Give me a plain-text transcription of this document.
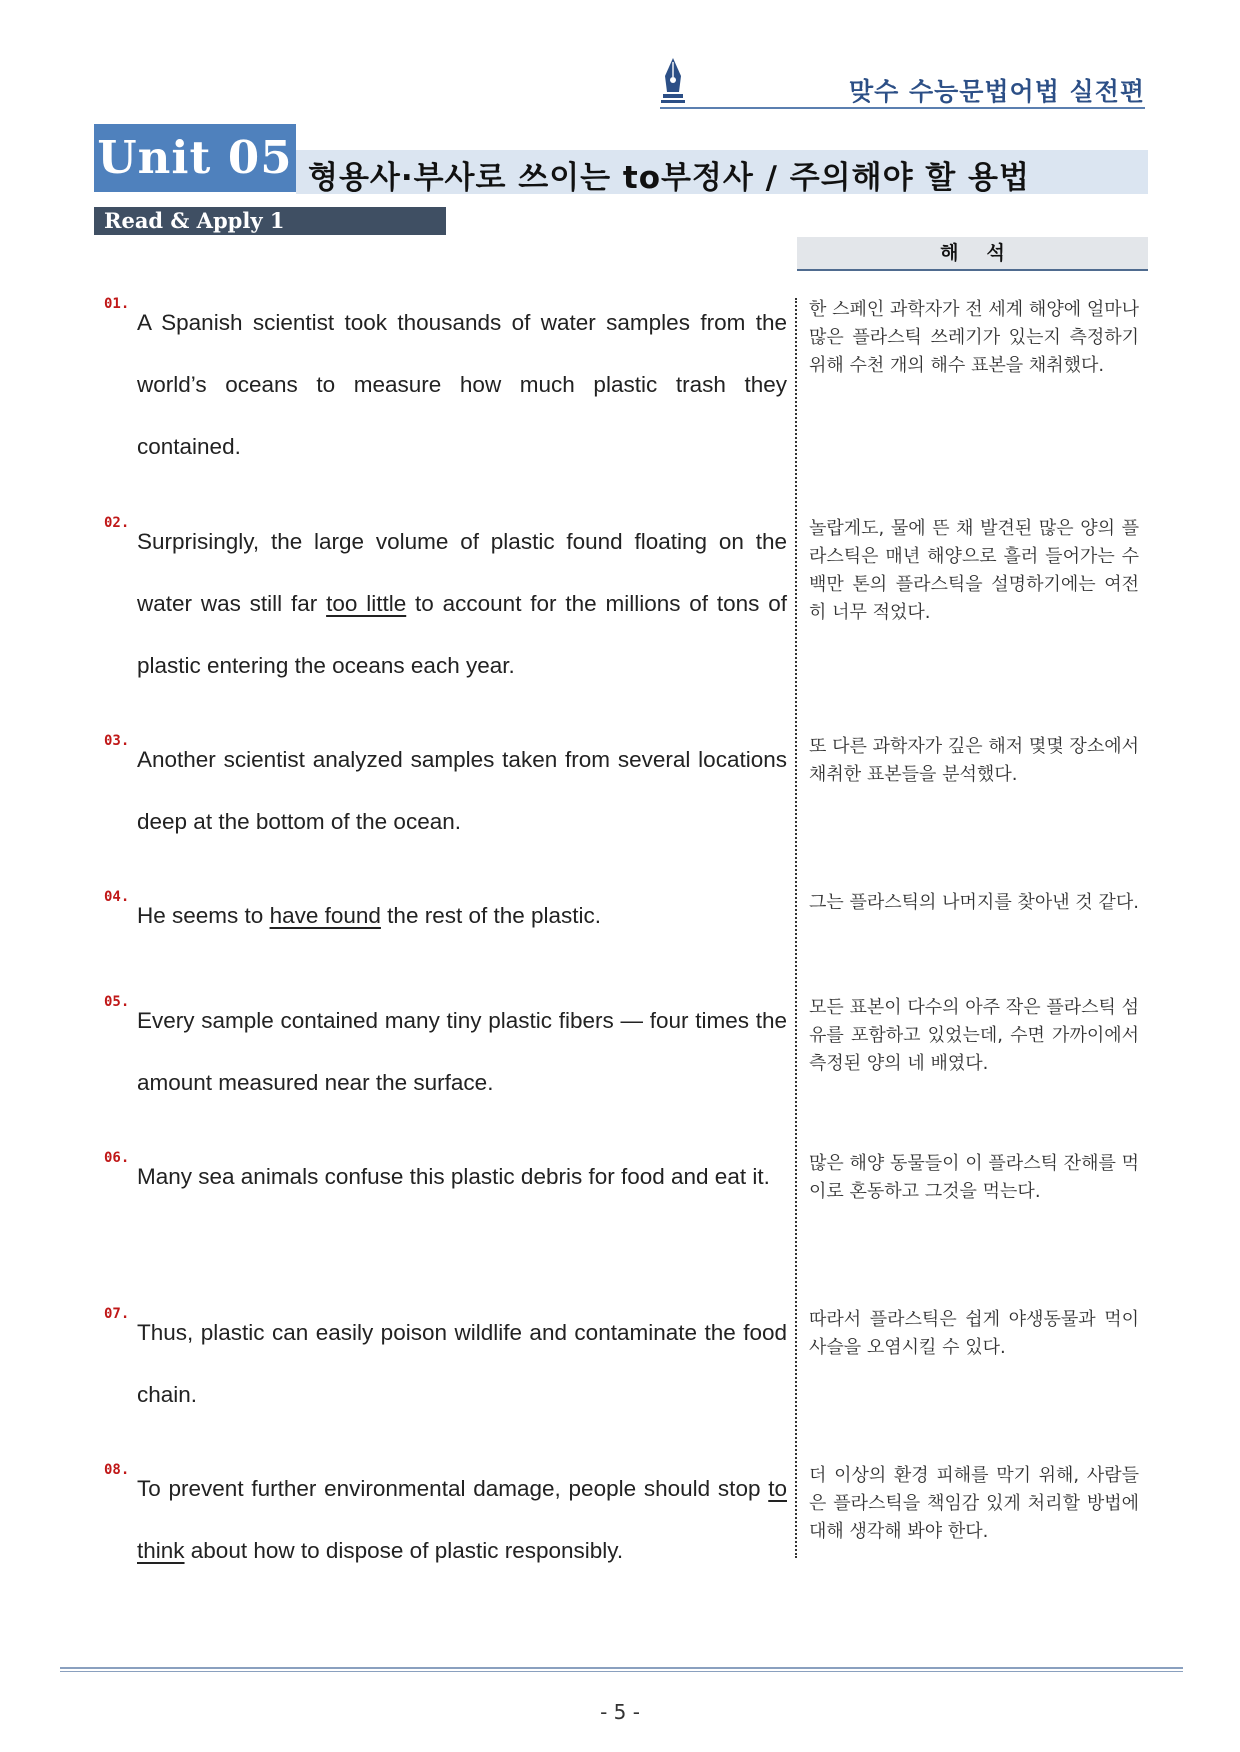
맞수 수능문법어법 실전편
Unit 05 형용사·부사로 쓰이는 to부정사 / 주의해야 할 용법
Read & Apply 1
해석
01.

A Spanish scientist took thousands of water samples from the world’s oceans to measure how much plastic trash they contained.

한 스페인 과학자가 전 세계 해양에 얼마나 많은 플라스틱 쓰레기가 있는지 측정하기 위해 수천 개의 해수 표본을 채취했다.

02.

Surprisingly, the large volume of plastic found floating on the water was still far too little to account for the millions of tons of plastic entering the oceans each year.

놀랍게도, 물에 뜬 채 발견된 많은 양의 플라스틱은 매년 해양으로 흘러 들어가는 수백만 톤의 플라스틱을 설명하기에는 여전히 너무 적었다.

03.

Another scientist analyzed samples taken from several locations deep at the bottom of the ocean.

또 다른 과학자가 깊은 해저 몇몇 장소에서 채취한 표본들을 분석했다.

04.

He seems to have found the rest of the plastic.

그는 플라스틱의 나머지를 찾아낸 것 같다.

05.

Every sample contained many tiny plastic fibers — four times the amount measured near the surface.

모든 표본이 다수의 아주 작은 플라스틱 섬유를 포함하고 있었는데, 수면 가까이에서 측정된 양의 네 배였다.

06.

Many sea animals confuse this plastic debris for food and eat it.

많은 해양 동물들이 이 플라스틱 잔해를 먹이로 혼동하고 그것을 먹는다.

07.

Thus, plastic can easily poison wildlife and contaminate the food chain.

따라서 플라스틱은 쉽게 야생동물과 먹이사슬을 오염시킬 수 있다.

08.

To prevent further environmental damage, people should stop to think about how to dispose of plastic responsibly.

더 이상의 환경 피해를 막기 위해, 사람들은 플라스틱을 책임감 있게 처리할 방법에 대해 생각해 봐야 한다.

- 5 -
